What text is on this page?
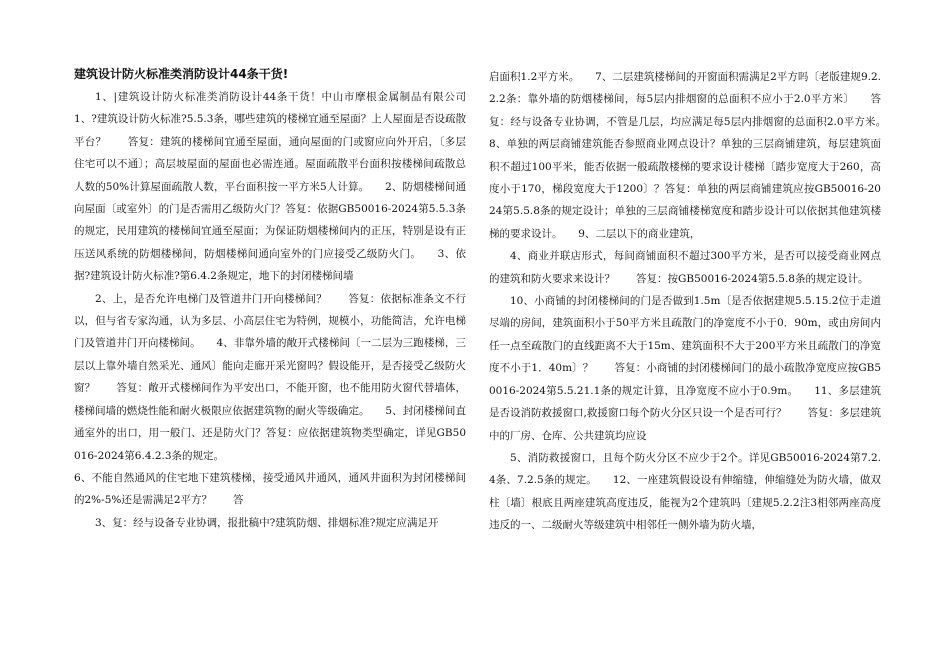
建筑设计防火标准类消防设计44条干货!

1、|建筑设计防火标准类消防设计44条干货！中山市摩根金属制品有限公司1、?建筑设计防火标准?5.5.3条，哪些建筑的楼梯宜通至屋面？上人屋面是否设疏散平台？　　答复：建筑的楼梯间宜通至屋面，通向屋面的门或窗应向外开启，〔多层住宅可以不通〕；高层坡屋面的屋面也必需连通。屋面疏散平台面积按楼梯间疏散总人数的50%计算屋面疏散人数，平台面积按一平方米5人计算。　　2、防烟楼梯间通向屋面〔或室外〕的门是否需用乙级防火门？答复：依据GB50016-2024第5.5.3条的规定，民用建筑的楼梯间宜通至屋面；为保证防烟楼梯间内的正压，特别是设有正压送风系统的防烟楼梯间，防烟楼梯间通向室外的门应接受乙级防火门。　　3、依据?建筑设计防火标准?第6.4.2条规定，地下的封闭楼梯间墙

2、上，是否允许电梯门及管道井门开向楼梯间？　　答复：依据标准条文不行以，但与省专家沟通，认为多层、小高层住宅为特例，规模小，功能简洁，允许电梯门及管道井门开向楼梯间。　　4、非靠外墙的敞开式楼梯间〔一二层为三跑楼梯，三层以上靠外墙自然采光、通风〕能向走廊开采光窗吗？假设能开，是否接受乙级防火窗？　　答复：敞开式楼梯间作为平安出口，不能开窗，也不能用防火窗代替墙体，楼梯间墙的燃烧性能和耐火极限应依据建筑物的耐火等级确定。　　5、封闭楼梯间直通室外的出口，用一般门、还是防火门？答复：应依据建筑物类型确定，详见GB50016-2024第6.4.2.3条的规定。

6、不能自然通风的住宅地下建筑楼梯，接受通风井通风，通风井面积为封闭楼梯间的2%-5%还是需满足2平方？　　答

3、复：经与设备专业协调，报批稿中?建筑防烟、排烟标准?规定应满足开

启面积1.2平方米。　　7、二层建筑楼梯间的开窗面积需满足2平方吗〔老版建规9.2.2.2条：靠外墙的防烟楼梯间，每5层内排烟窗的总面积不应小于2.0平方米〕　　答复：经与设备专业协调，不管是几层，均应满足每5层内排烟窗的总面积2.0平方米。　　8、单独的两层商铺建筑能否参照商业网点设计？单独的三层商铺建筑，每层建筑面积不超过100平米，能否依据一般疏散楼梯的要求设计楼梯〔踏步宽度大于260，高度小于170，梯段宽度大于1200〕？答复：单独的两层商铺建筑应按GB50016-2024第5.5.8条的规定设计；单独的三层商铺楼梯宽度和踏步设计可以依据其他建筑楼梯的要求设计。　　9、二层以下的商业建筑，

4、商业并联店形式，每间商铺面积不超过300平方米，是否可以接受商业网点的建筑和防火要求来设计？　　答复：按GB50016-2024第5.5.8条的规定设计。

10、小商铺的封闭楼梯间的门是否做到1.5m〔是否依据建规5.5.15.2位于走道尽端的房间，建筑面积小于50平方米且疏散门的净宽度不小于0．90m，或由房间内任一点至疏散门的直线距离不大于15m、建筑面积不大于200平方米且疏散门的净宽度不小于1．40m〕？　　答复：小商铺的封闭楼梯间门的最小疏散净宽度应按GB50016-2024第5.5.21.1条的规定计算，且净宽度不应小于0.9m。　　11、多层建筑是否设消防救援窗口,救援窗口每个防火分区只设一个是否可行？　　答复：多层建筑中的厂房、仓库、公共建筑均应设

5、消防救援窗口，且每个防火分区不应少于2个。详见GB50016-2024第7.2.4条、7.2.5条的规定。　　12、一座建筑假设设有伸缩缝，伸缩缝处为防火墙，做双柱〔墙〕根底且两座建筑高度违反，能视为2个建筑吗〔建规5.2.2注3相邻两座高度违反的一、二级耐火等级建筑中相邻任一侧外墙为防火墙，
